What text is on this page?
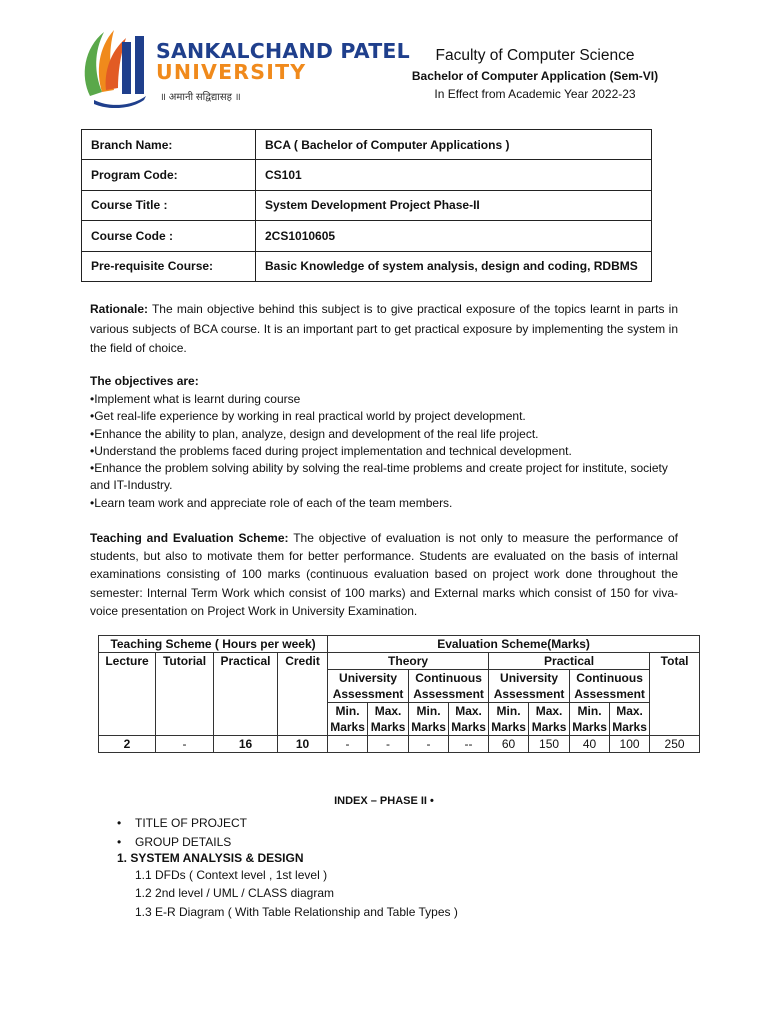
SANKALCHAND PATEL
UNIVERSITY
॥ अमानी सद्विद्यासह ॥
Faculty of Computer Science
Bachelor of Computer Application (Sem-VI)
In Effect from Academic Year 2022-23
Branch Name:	BCA ( Bachelor of Computer Applications )
Program Code:	CS101
Course Title :	System Development Project Phase-II
Course Code :	2CS1010605
Pre-requisite Course:	Basic Knowledge of system analysis, design and coding, RDBMS

Rationale: The main objective behind this subject is to give practical exposure of the topics learnt in parts in various subjects of BCA course. It is an important part to get practical exposure by implementing the system in the field of choice.

The objectives are:
• Implement what is learnt during course
• Get real-life experience by working in real practical world by project development.
• Enhance the ability to plan, analyze, design and development of the real life project.
• Understand the problems faced during project implementation and technical development.
• Enhance the problem solving ability by solving the real-time problems and create project for institute, society and IT-Industry.
• Learn team work and appreciate role of each of the team members.

Teaching and Evaluation Scheme: The objective of evaluation is not only to measure the performance of students, but also to motivate them for better performance. Students are evaluated on the basis of internal examinations consisting of 100 marks (continuous evaluation based on project work done throughout the semester: Internal Term Work which consist of 100 marks) and External marks which consist of 150 for viva-voice presentation on Project Work in University Examination.

Teaching Scheme ( Hours per week)				Evaluation Scheme(Marks)								
Lecture	Tutorial	Practical	Credit	Theory				Practical				Total
				University Assessment		Continuous Assessment		University Assessment		Continuous Assessment		
				Min. Marks	Max. Marks	Min. Marks	Max. Marks	Min. Marks	Max. Marks	Min. Marks	Max. Marks	
2	-	16	10	-	-	-	--	60	150	40	100	250
INDEX – PHASE II •
• TITLE OF PROJECT
• GROUP DETAILS
1. SYSTEM ANALYSIS & DESIGN
1.1 DFDs ( Context level , 1st level )
1.2 2nd level / UML / CLASS diagram
1.3 E-R Diagram ( With Table Relationship and Table Types )
